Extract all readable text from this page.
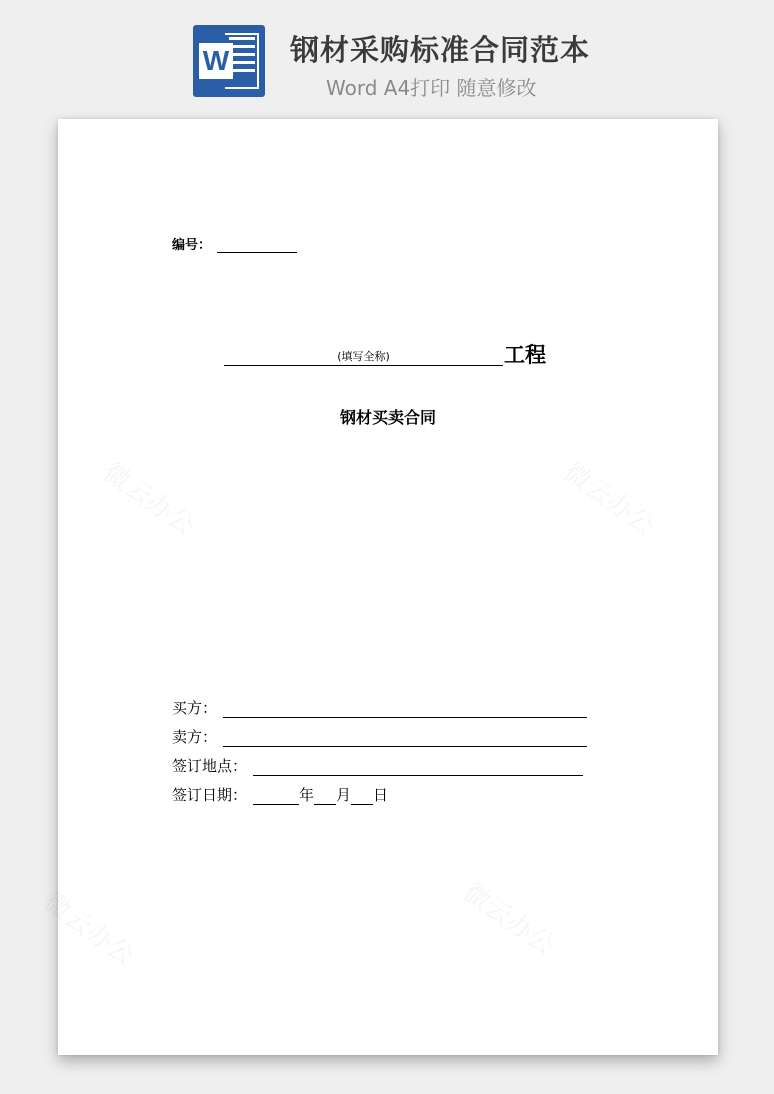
W 钢材采购标准合同范本
Word A4打印 随意修改
编号：
(填写全称)	工程
钢材买卖合同
买方：
卖方：
签订地点：
签订日期：	年 月 日
